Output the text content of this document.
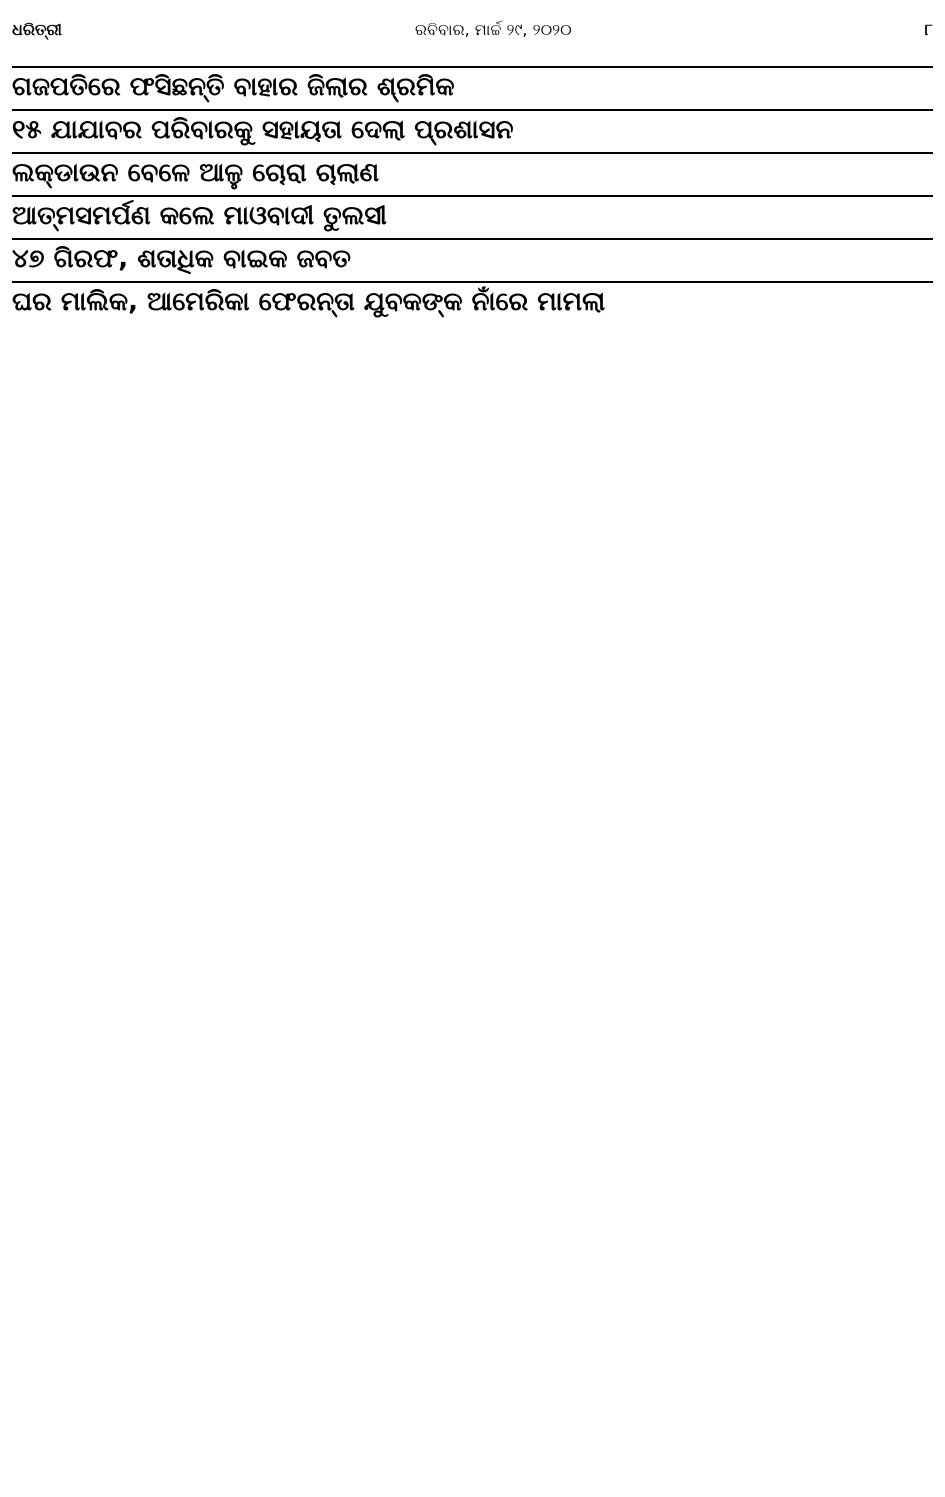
ଧରିତ୍ରୀ	ରବିବାର, ମାର୍ଚ୍ଚ ୨୯, ୨୦୨୦	୮
ଗଜପତିରେ ଫସିଛନ୍ତି ବାହାର ଜିଲାର ଶ୍ରମିକ
୧୫ ଯାଯାବର ପରିବାରକୁ ସହାୟତା ଦେଲା ପ୍ରଶାସନ
ଲକ୍‌ଡାଉନ ବେଳେ ଆଳୁ ଚୋରା ଚାଲାଣ
ଆତ୍ମସମର୍ପଣ କଲେ ମାଓବାଦୀ ତୁଲସୀ
୪୭ ଗିରଫ, ଶତାଧିକ ବାଇକ ଜବତ
ଘର ମାଲିକ, ଆମେରିକା ଫେରନ୍ତା ଯୁବକଙ୍କ ନାଁରେ ମାମଲା
